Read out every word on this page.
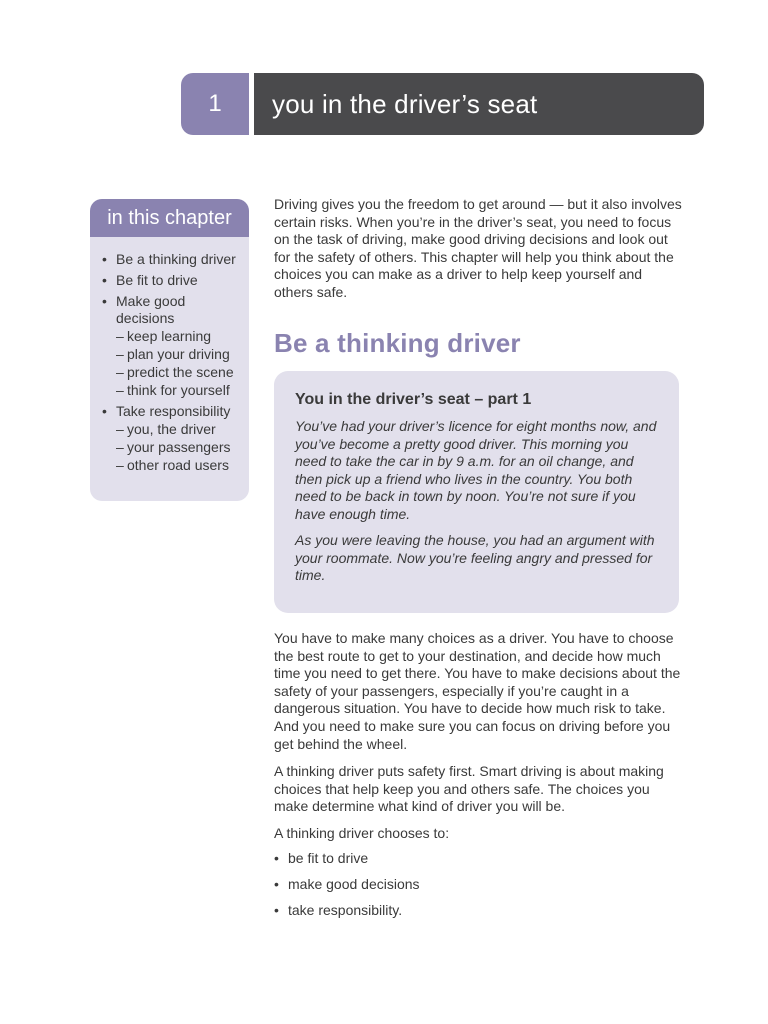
1	you in the driver’s seat
in this chapter
• Be a thinking driver
• Be fit to drive
• Make good decisions
– keep learning
– plan your driving
– predict the scene
– think for yourself
• Take responsibility
– you, the driver
– your passengers
– other road users

Driving gives you the freedom to get around — but it also involves certain risks. When you’re in the driver’s seat, you need to focus on the task of driving, make good driving decisions and look out for the safety of others. This chapter will help you think about the choices you can make as a driver to help keep yourself and others safe.

Be a thinking driver
You in the driver’s seat – part 1

You’ve had your driver’s licence for eight months now, and you’ve become a pretty good driver. This morning you need to take the car in by 9 a.m. for an oil change, and then pick up a friend who lives in the country. You both need to be back in town by noon. You’re not sure if you have enough time.

As you were leaving the house, you had an argument with your roommate. Now you’re feeling angry and pressed for time.

You have to make many choices as a driver. You have to choose the best route to get to your destination, and decide how much time you need to get there. You have to make decisions about the safety of your passengers, especially if you’re caught in a dangerous situation. You have to decide how much risk to take. And you need to make sure you can focus on driving before you get behind the wheel.

A thinking driver puts safety first. Smart driving is about making choices that help keep you and others safe. The choices you make determine what kind of driver you will be.

A thinking driver chooses to:

• be fit to drive
• make good decisions
• take responsibility.
